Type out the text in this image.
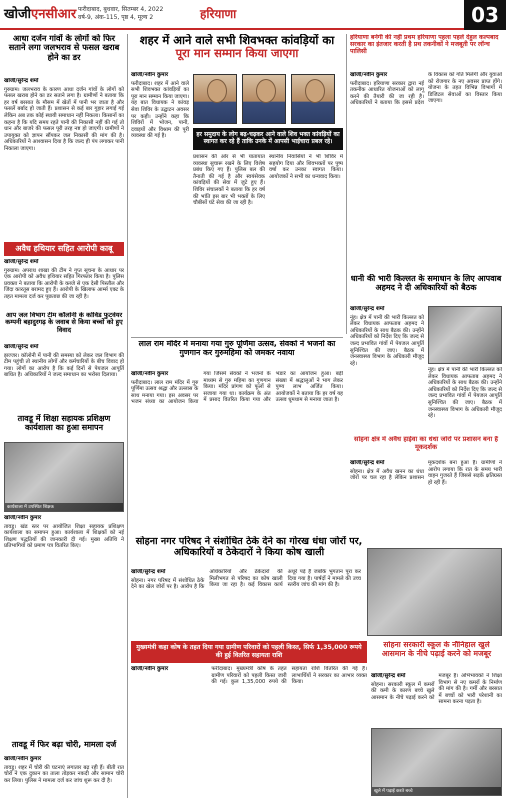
खोजीएनसीआर फरीदाबाद, बुधवार, सितम्बर 4, 2022
वर्ष-9, अंक-115, पृष्ठ 4, मूल्य 2	हरियाणा	03
आधा दर्जन गांवों के लोगों को फिर सताने लगा जलभराव से फसल खराब होने का डर
खोजी/सुरेन्द्र शर्मा

गुरुग्राम। जलभराव के कारण आधा दर्जन गांवों के लोगों को फसल खराब होने का डर सताने लगा है। ग्रामीणों ने बताया कि हर वर्ष बरसात के मौसम में खेतों में पानी भर जाता है और फसलें बर्बाद हो जाती हैं। प्रशासन से कई बार गुहार लगाई गई लेकिन अब तक कोई स्थायी समाधान नहीं निकला। किसानों का कहना है कि यदि समय रहते पानी की निकासी नहीं की गई तो धान और बाजरे की फसल पूरी तरह नष्ट हो जाएगी। ग्रामीणों ने उपायुक्त को ज्ञापन सौंपकर जल निकासी की मांग की है। अधिकारियों ने आश्वासन दिया है कि जल्द ही पंप लगाकर पानी निकाला जाएगा।

अवैध हथियार सहित आरोपी काबू
खोजी/सुरेन्द्र शर्मा

गुरुग्राम। अपराध शाखा की टीम ने गुप्त सूचना के आधार पर एक आरोपी को अवैध हथियार सहित गिरफ्तार किया है। पुलिस प्रवक्ता ने बताया कि आरोपी के कब्जे से एक देसी पिस्तौल और जिंदा कारतूस बरामद हुए हैं। आरोपी के खिलाफ आर्म्स एक्ट के तहत मामला दर्ज कर पूछताछ की जा रही है।

आप जल विभाग टीम कॉलोनी के कोविड फुटवेयर कम्पनी बहादुरगढ़ के जवाब से किया बच्चों को हुए विवाद
खोजी/सुरेन्द्र शर्मा

झज्जर। कॉलोनी में पानी की समस्या को लेकर जल विभाग की टीम पहुंची तो स्थानीय लोगों और कर्मचारियों के बीच विवाद हो गया। लोगों का आरोप है कि कई दिनों से पेयजल आपूर्ति बाधित है। अधिकारियों ने जल्द समाधान का भरोसा दिलाया।

तावडू में शिक्षा सहायक प्रशिक्षण कार्यशाला का हुआ समापन
कार्यशाला में उपस्थित शिक्षक
खोजी/नवीन कुमार

तावडू। खंड स्तर पर आयोजित शिक्षा सहायक प्रशिक्षण कार्यशाला का समापन हुआ। कार्यशाला में शिक्षकों को नई शिक्षण पद्धतियों की जानकारी दी गई। मुख्य अतिथि ने प्रतिभागियों को प्रमाण पत्र वितरित किए।

तावडू में फिर बढ़ा चोरी, मामला दर्ज
खोजी/नवीन कुमार

तावडू। शहर में चोरी की घटनाएं लगातार बढ़ रही हैं। बीती रात चोरों ने एक दुकान का ताला तोड़कर नकदी और सामान चोरी कर लिया। पुलिस ने मामला दर्ज कर जांच शुरू कर दी है।

शहर में आने वाले सभी शिवभक्त कांवड़ियों का
पूरा मान सम्मान किया जाएगा
खोजी/नवीन कुमार

फरीदाबाद। शहर में आने वाले सभी शिवभक्त कांवड़ियों का पूरा मान सम्मान किया जाएगा। यह बात विधायक ने कांवड़ सेवा शिविर के उद्घाटन अवसर पर कही। उन्होंने कहा कि शिविरों में भोजन, पानी, दवाइयों और विश्राम की पूरी व्यवस्था की गई है।	हर समुदाय के लोग बढ़-चढ़कर आने वाले शिव भक्त कांवड़ियों का स्वागत कर रहे हैं ताकि उनके में आपसी भाईचारा प्रबल रहे।

प्रशासन की ओर से भी यातायात व्यवस्था सुचारू रखने के लिए विशेष प्रबंध किए गए हैं। पुलिस बल की तैनाती की गई है और स्वयंसेवक कांवड़ियों की सेवा में जुटे हुए हैं। शिविर संचालकों ने बताया कि हर वर्ष की भांति इस बार भी भक्तों के लिए चौबीसों घंटे सेवा की जा रही है।

स्थानीय निवासियों ने भी शिविर में सहयोग दिया और शिवभक्तों पर पुष्प वर्षा कर उनका स्वागत किया। आयोजकों ने सभी का धन्यवाद किया।

लाल राम मंदिर में मनाया गया गुरु पूर्णिमा उत्सव, सेवकों ने भजनों का गुणगान कर गुरुमहिमा को जमकर नवाया
खोजी/नवीन कुमार

फरीदाबाद। लाल राम मंदिर में गुरु पूर्णिमा उत्सव श्रद्धा और उल्लास के साथ मनाया गया। इस अवसर पर भजन संध्या का आयोजन किया गया जिसमें सेवकों ने भजनों के माध्यम से गुरु महिमा का गुणगान किया। मंदिर प्रांगण को फूलों से सजाया गया था। कार्यक्रम के अंत में प्रसाद वितरित किया गया और भंडारे का आयोजन हुआ। बड़ी संख्या में श्रद्धालुओं ने भाग लेकर पुण्य लाभ अर्जित किया। आयोजकों ने बताया कि हर वर्ष यह उत्सव धूमधाम से मनाया जाता है।

हरियाणा बनेगी की नहीं प्रथम हरियाणा पहला पहले देहुल कल्पबाद सरकार का इंतजार करती है प्रथ तकनीकों ने मजबूती पर लॉन्च पालिसी
खोजी/नवीन कुमार

फरीदाबाद। हरियाणा सरकार द्वारा नई तकनीक आधारित योजनाओं को लागू करने की तैयारी की जा रही है। अधिकारियों ने बताया कि इससे प्रदेश के विकास को गति मिलेगी और युवाओं को रोजगार के नए अवसर प्राप्त होंगे। योजना के तहत विभिन्न विभागों में डिजिटल सेवाओं का विस्तार किया जाएगा।

धानी की भारी किल्लत के समाधान के लिए आपवाब अहमद ने दी अधिकारियों को बैठक
खोजी/सुरेन्द्र शर्मा

नूंह। क्षेत्र में पानी की भारी किल्लत को लेकर विधायक आफताब अहमद ने अधिकारियों के साथ बैठक की। उन्होंने अधिकारियों को निर्देश दिए कि जल्द से जल्द प्रभावित गांवों में पेयजल आपूर्ति सुनिश्चित की जाए। बैठक में जनस्वास्थ्य विभाग के अधिकारी मौजूद रहे।

नूंह। क्षेत्र में पानी की भारी किल्लत को लेकर विधायक आफताब अहमद ने अधिकारियों के साथ बैठक की। उन्होंने अधिकारियों को निर्देश दिए कि जल्द से जल्द प्रभावित गांवों में पेयजल आपूर्ति सुनिश्चित की जाए। बैठक में जनस्वास्थ्य विभाग के अधिकारी मौजूद रहे।

सोहना क्षेत्र में अवैध हाईवा का धंधा जोरों पर प्रशासन बना है मूकदर्शक
खोजी/सुरेन्द्र शर्मा

सोहना। क्षेत्र में अवैध खनन का धंधा जोरों पर चल रहा है लेकिन प्रशासन मूकदर्शक बना हुआ है। ग्रामीणों ने आरोप लगाया कि रात के समय भारी वाहन गुजरते हैं जिससे सड़कें क्षतिग्रस्त हो रही हैं।

सोहना नगर परिषद ने संशोधित ठेके देने का गोरख धंधा जोरों पर, अधिकारियों व ठेकेदारों ने किया कोष खाली
खोजी/सुरेन्द्र शर्मा

सोहना। नगर परिषद में संशोधित ठेके देने का खेल जोरों पर है। आरोप है कि अधिकारियों और ठेकेदारों की मिलीभगत से परिषद का कोष खाली किया जा रहा है। कई विकास कार्य अधूरे पड़े हैं जबकि भुगतान पूरा कर दिया गया है। पार्षदों ने मामले की उच्च स्तरीय जांच की मांग की है।

मुख्यमंत्री कहा कोष के तहत दिया गया ग्रामीण परिवारों को पहली किस्त, सिर्फ 1,35,000 रूपये की हुई वितरित सहायता राशि
खोजी/नवीन कुमार	फरीदाबाद। मुख्यमंत्री कोष के तहत ग्रामीण परिवारों को पहली किस्त जारी की गई। कुल 1,35,000 रुपये की सहायता राशि वितरित की गई है। लाभार्थियों ने सरकार का आभार व्यक्त किया।

सोहना सरकारी स्कूल के नौनिहाल खुले आसमान के नीचे पढ़ाई करने को मजबूर
खोजी/सुरेन्द्र शर्मा

सोहना। सरकारी स्कूल में कमरों की कमी के कारण बच्चे खुले आसमान के नीचे पढ़ाई करने को मजबूर हैं। अभिभावकों ने शिक्षा विभाग से नए कमरों के निर्माण की मांग की है। गर्मी और बरसात में बच्चों को भारी परेशानी का सामना करना पड़ता है।

खुले में पढ़ाई करते बच्चे
